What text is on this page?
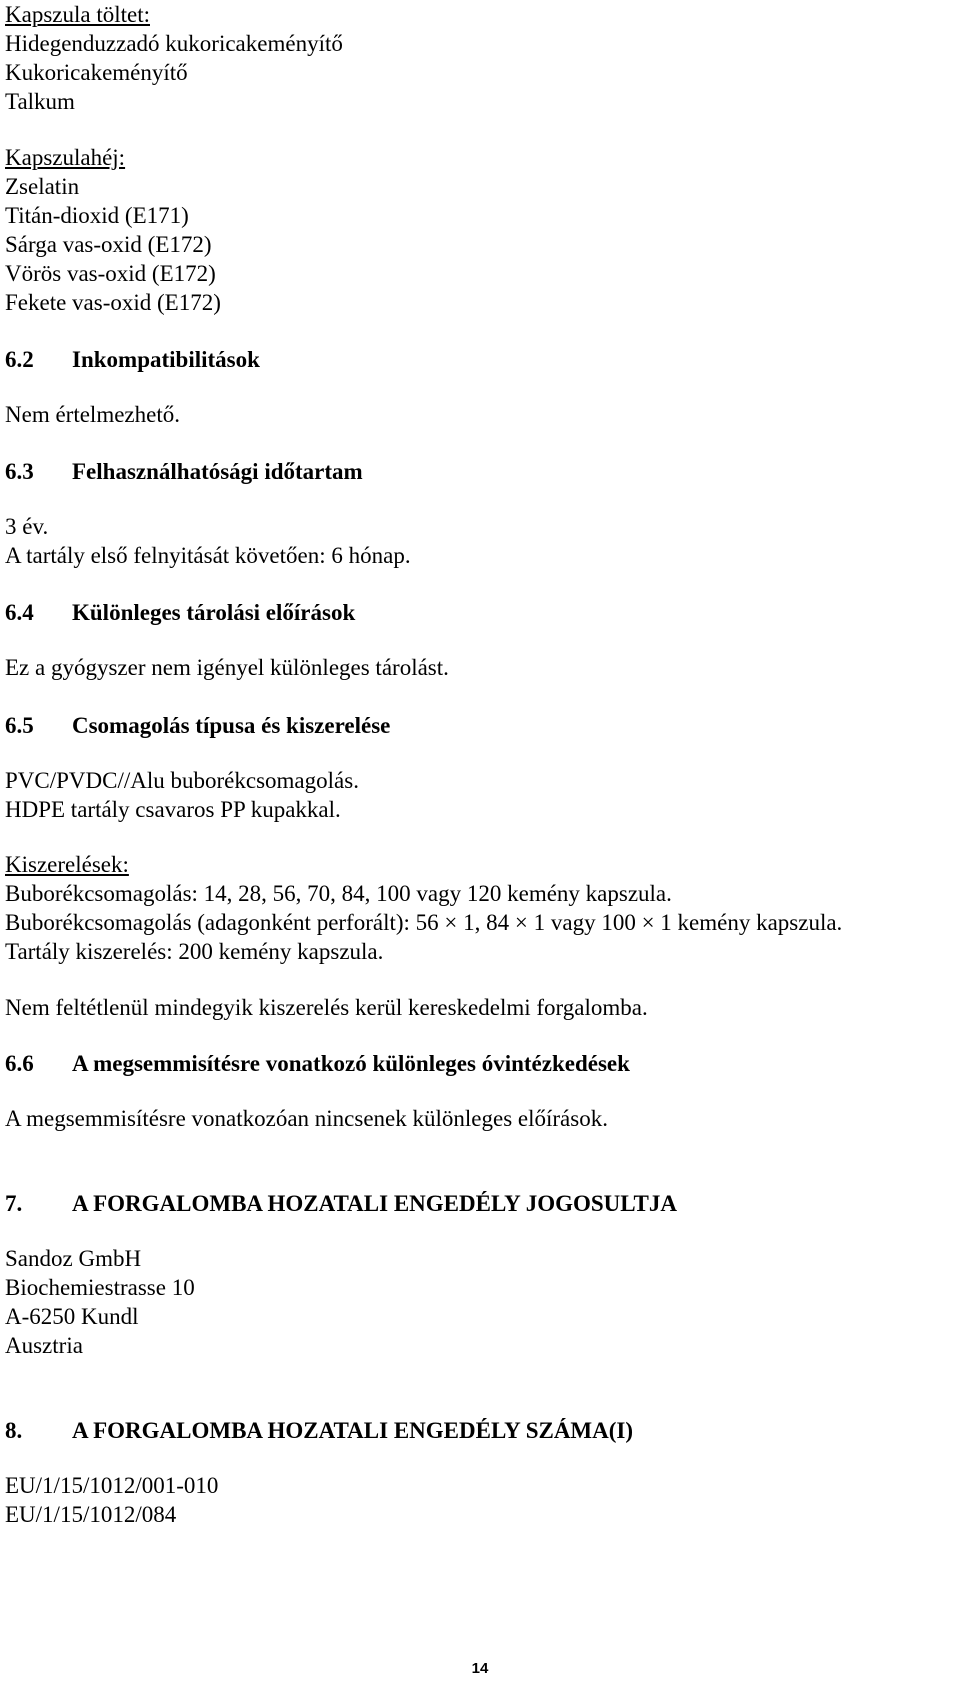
Kapszula töltet:
Hidegenduzzadó kukoricakeményítő
Kukoricakeményítő
Talkum
Kapszulahéj:
Zselatin
Titán-dioxid (E171)
Sárga vas-oxid (E172)
Vörös vas-oxid (E172)
Fekete vas-oxid (E172)
6.2 Inkompatibilitások
Nem értelmezhető.
6.3 Felhasználhatósági időtartam
3 év.
A tartály első felnyitását követően: 6 hónap.
6.4 Különleges tárolási előírások
Ez a gyógyszer nem igényel különleges tárolást.
6.5 Csomagolás típusa és kiszerelése
PVC/PVDC//Alu buborékcsomagolás.
HDPE tartály csavaros PP kupakkal.
Kiszerelések:
Buborékcsomagolás: 14, 28, 56, 70, 84, 100 vagy 120 kemény kapszula.
Buborékcsomagolás (adagonként perforált): 56 × 1, 84 × 1 vagy 100 × 1 kemény kapszula.
Tartály kiszerelés: 200 kemény kapszula.
Nem feltétlenül mindegyik kiszerelés kerül kereskedelmi forgalomba.
6.6 A megsemmisítésre vonatkozó különleges óvintézkedések
A megsemmisítésre vonatkozóan nincsenek különleges előírások.
7. A FORGALOMBA HOZATALI ENGEDÉLY JOGOSULTJA
Sandoz GmbH
Biochemiestrasse 10
A-6250 Kundl
Ausztria
8. A FORGALOMBA HOZATALI ENGEDÉLY SZÁMA(I)
EU/1/15/1012/001-010
EU/1/15/1012/084
14
